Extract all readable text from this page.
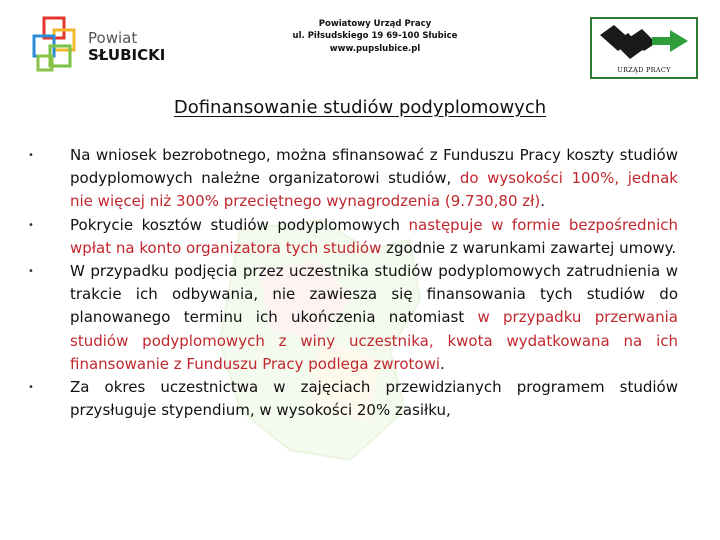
Powiat
SŁUBICKI
Powiatowy Urząd Pracy
ul. Piłsudskiego 19 69-100 Słubice
www.pupslubice.pl
URZĄD PRACY
Dofinansowanie studiów podyplomowych
• Na wniosek bezrobotnego, można sfinansować z Funduszu Pracy koszty studiów podyplomowych należne organizatorowi studiów, do wysokości 100%, jednak nie więcej niż 300% przeciętnego wynagrodzenia (9.730,80 zł).
• Pokrycie kosztów studiów podyplomowych następuje w formie bezpośrednich wpłat na konto organizatora tych studiów zgodnie z warunkami zawartej umowy.
• W przypadku podjęcia przez uczestnika studiów podyplomowych zatrudnienia w trakcie ich odbywania, nie zawiesza się finansowania tych studiów do planowanego terminu ich ukończenia natomiast w przypadku przerwania studiów podyplomowych z winy uczestnika, kwota wydatkowana na ich finansowanie z Funduszu Pracy podlega zwrotowi.
• Za okres uczestnictwa w zajęciach przewidzianych programem studiów przysługuje stypendium, w wysokości 20% zasiłku,
